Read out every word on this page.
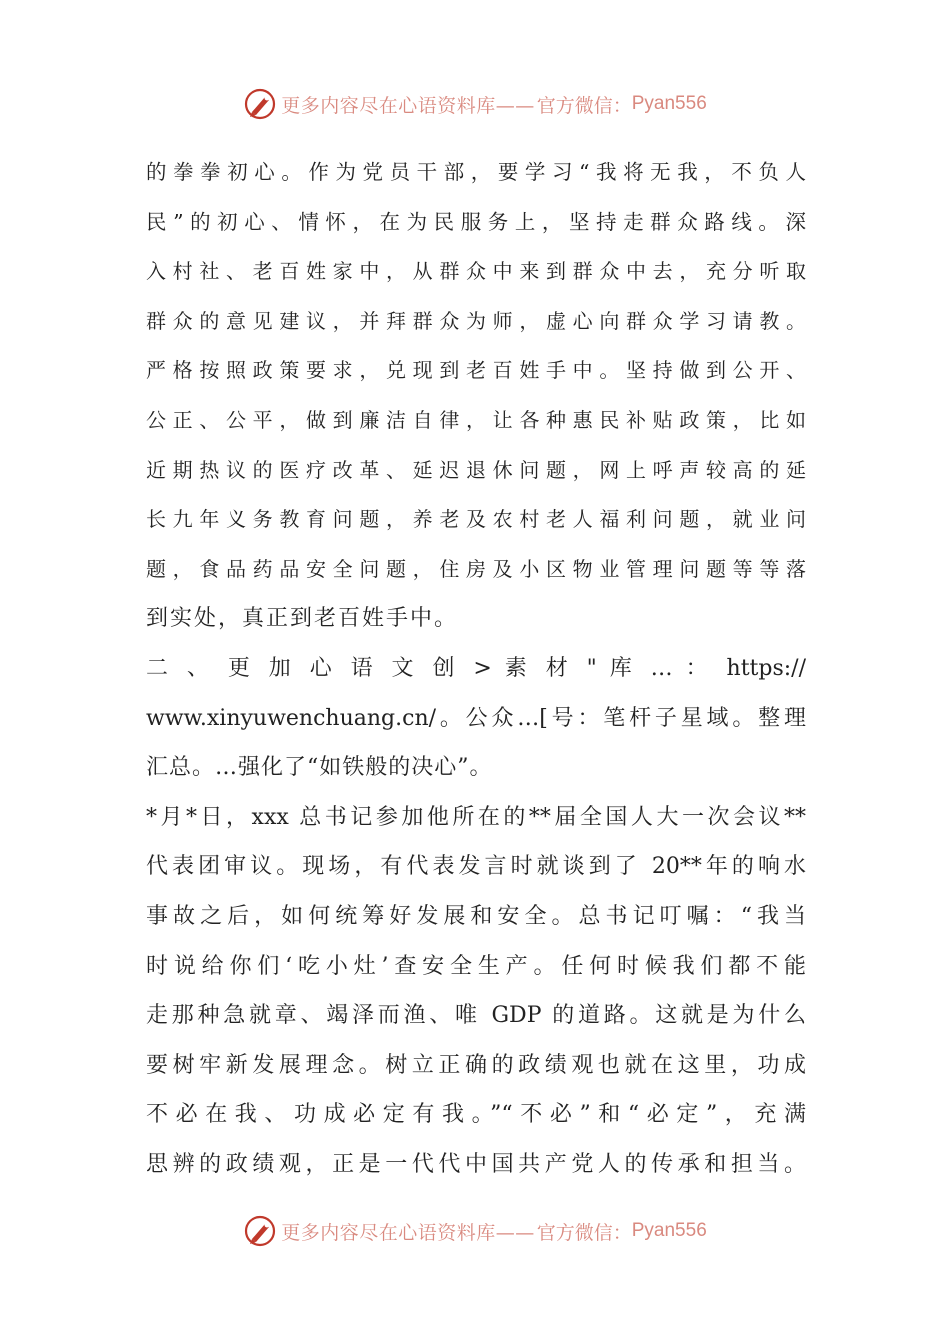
更多内容尽在心语资料库—— 官方微信： Pyan556
的 拳 拳 初 心 。 作 为 党 员 干 部 ， 要 学 习 “ 我 将 无 我 ， 不 负 人
民 ” 的 初 心 、 情 怀 ， 在 为 民 服 务 上 ， 坚 持 走 群 众 路 线 。 深
入 村 社 、 老 百 姓 家 中 ， 从 群 众 中 来 到 群 众 中 去 ， 充 分 听 取
群 众 的 意 见 建 议 ， 并 拜 群 众 为 师 ， 虚 心 向 群 众 学 习 请 教 。
严 格 按 照 政 策 要 求 ， 兑 现 到 老 百 姓 手 中 。 坚 持 做 到 公 开 、
公 正 、 公 平 ， 做 到 廉 洁 自 律 ， 让 各 种 惠 民 补 贴 政 策 ， 比 如
近 期 热 议 的 医 疗 改 革 、 延 迟 退 休 问 题 ， 网 上 呼 声 较 高 的 延
长 九 年 义 务 教 育 问 题 ， 养 老 及 农 村 老 人 福 利 问 题 ， 就 业 问
题 ， 食 品 药 品 安 全 问 题 ， 住 房 及 小 区 物 业 管 理 问 题 等 等 落
到实处，真正到老百姓手中。
二 、 更 加 心 语 文 创 > 素 材 " 库 … ： https://
www.xinyuwenchuang.cn/。公众…[号：笔杆子星域。整理
汇总。…强化了“如铁般的决心”。
*月*日，xxx 总书记参加他所在的**届全国人大一次会议**
代表团审议。现场，有代表发言时就谈到了 20**年的响水
事故之后，如何统筹好发展和安全。总书记叮嘱：“我当
时说给你们‘吃小灶’查安全生产。任何时候我们都不能
走那种急就章、竭泽而渔、唯 GDP 的道路。这就是为什么
要树牢新发展理念。树立正确的政绩观也就在这里，功成
不必在我、功成必定有我。”“不必”和“必定”，充满
思辨的政绩观，正是一代代中国共产党人的传承和担当。
更多内容尽在心语资料库—— 官方微信： Pyan556
